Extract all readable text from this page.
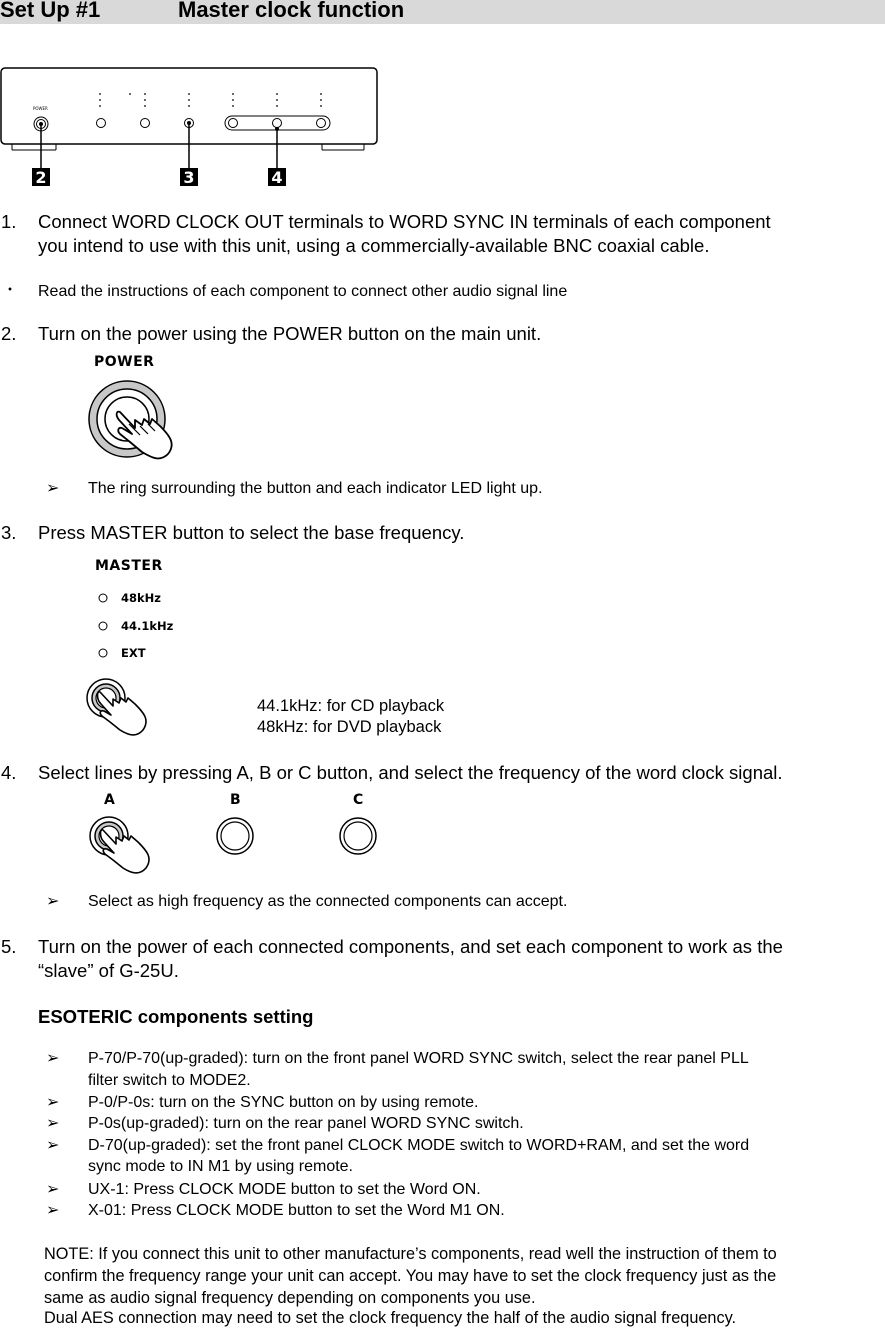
Set Up #1	Master clock function
POWER
2	3	4
1. Connect WORD CLOCK OUT terminals to WORD SYNC IN terminals of each component
you intend to use with this unit, using a commercially-available BNC coaxial cable.
・ Read the instructions of each component to connect other audio signal line
2. Turn on the power using the POWER button on the main unit.
POWER
➢ The ring surrounding the button and each indicator LED light up.
3. Press MASTER button to select the base frequency.
MASTER
48kHz
44.1kHz
EXT
44.1kHz: for CD playback
48kHz: for DVD playback
4. Select lines by pressing A, B or C button, and select the frequency of the word clock signal.
A	B	C
➢ Select as high frequency as the connected components can accept.
5. Turn on the power of each connected components, and set each component to work as the
“slave” of G-25U.
ESOTERIC components setting
➢ P-70/P-70(up-graded): turn on the front panel WORD SYNC switch, select the rear panel PLL
filter switch to MODE2.
➢ P-0/P-0s: turn on the SYNC button on by using remote.
➢ P-0s(up-graded): turn on the rear panel WORD SYNC switch.
➢ D-70(up-graded): set the front panel CLOCK MODE switch to WORD+RAM, and set the word
sync mode to IN M1 by using remote.
➢ UX-1: Press CLOCK MODE button to set the Word ON.
➢ X-01: Press CLOCK MODE button to set the Word M1 ON.
NOTE: If you connect this unit to other manufacture’s components, read well the instruction of them to
confirm the frequency range your unit can accept. You may have to set the clock frequency just as the
same as audio signal frequency depending on components you use.
Dual AES connection may need to set the clock frequency the half of the audio signal frequency.
